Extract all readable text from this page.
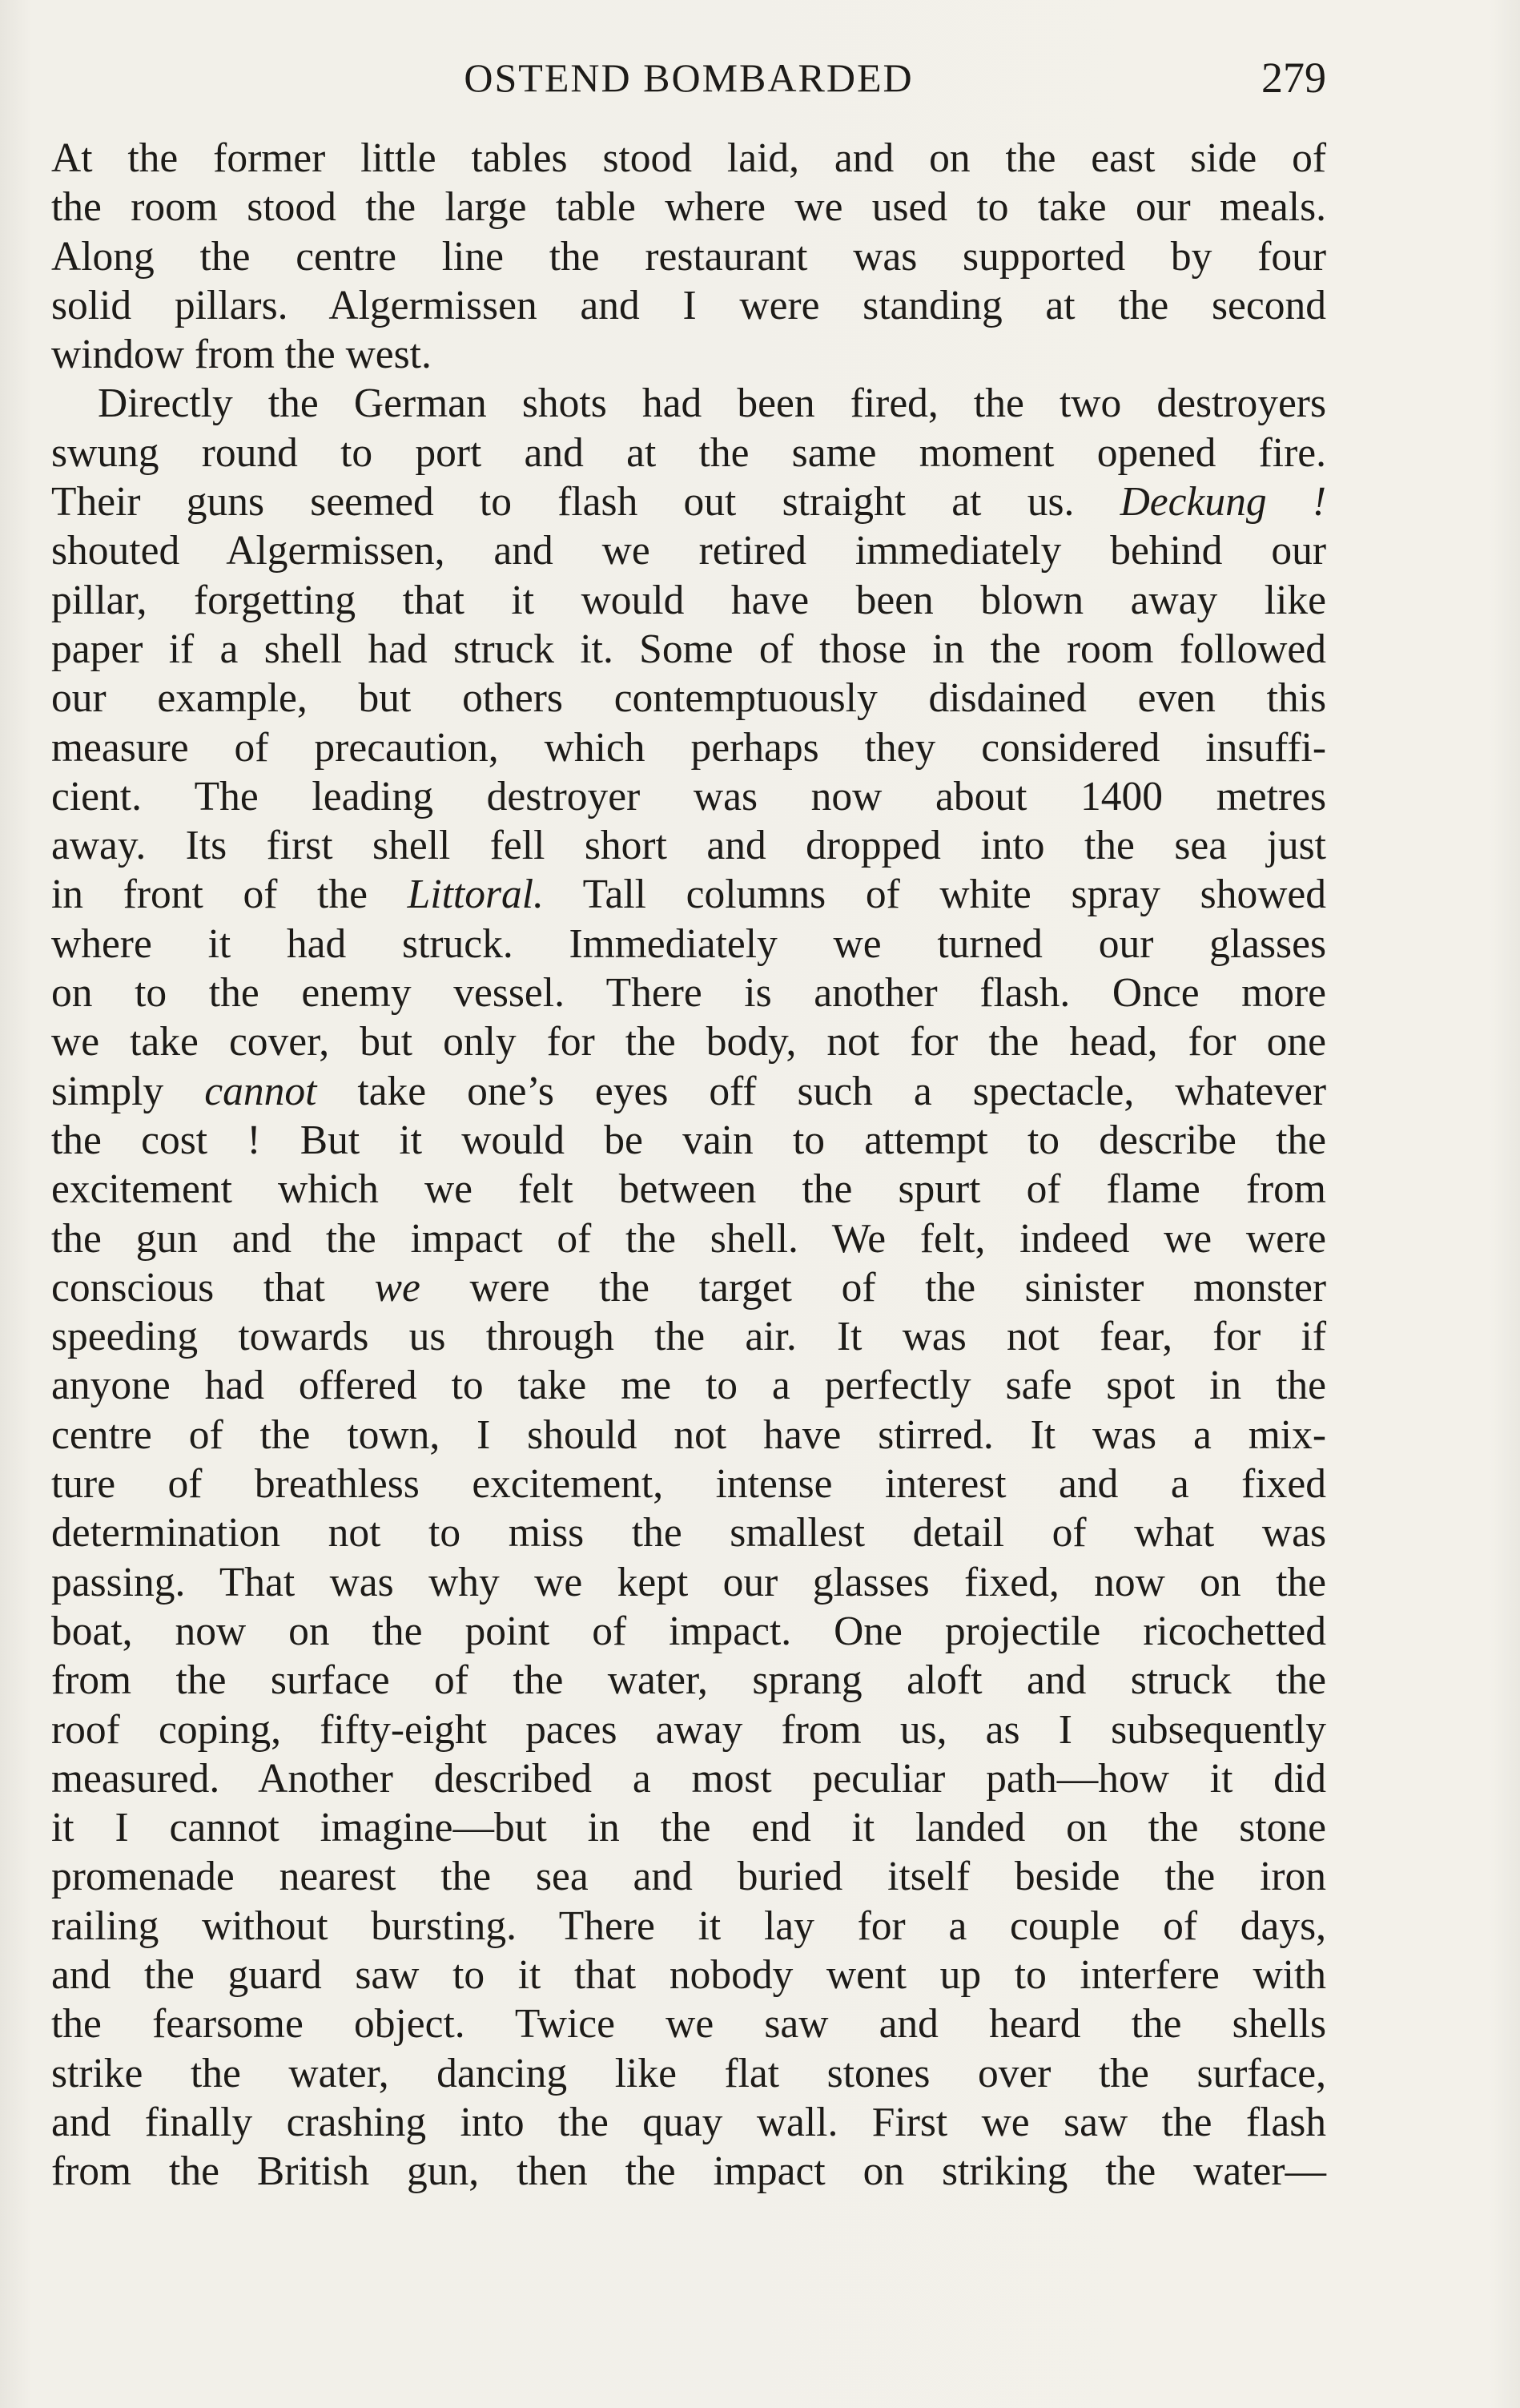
OSTEND BOMBARDED	279
At the former little tables stood laid, and on the east side of
the room stood the large table where we used to take our meals.
Along the centre line the restaurant was supported by four
solid pillars. Algermissen and I were standing at the second
window from the west.
Directly the German shots had been fired, the two destroyers
swung round to port and at the same moment opened fire.
Their guns seemed to flash out straight at us. Deckung !
shouted Algermissen, and we retired immediately behind our
pillar, forgetting that it would have been blown away like
paper if a shell had struck it. Some of those in the room followed
our example, but others contemptuously disdained even this
measure of precaution, which perhaps they considered insuffi-
cient. The leading destroyer was now about 1400 metres
away. Its first shell fell short and dropped into the sea just
in front of the Littoral. Tall columns of white spray showed
where it had struck. Immediately we turned our glasses
on to the enemy vessel. There is another flash. Once more
we take cover, but only for the body, not for the head, for one
simply cannot take one’s eyes off such a spectacle, whatever
the cost ! But it would be vain to attempt to describe the
excitement which we felt between the spurt of flame from
the gun and the impact of the shell. We felt, indeed we were
conscious that we were the target of the sinister monster
speeding towards us through the air. It was not fear, for if
anyone had offered to take me to a perfectly safe spot in the
centre of the town, I should not have stirred. It was a mix-
ture of breathless excitement, intense interest and a fixed
determination not to miss the smallest detail of what was
passing. That was why we kept our glasses fixed, now on the
boat, now on the point of impact. One projectile ricochetted
from the surface of the water, sprang aloft and struck the
roof coping, fifty-eight paces away from us, as I subsequently
measured. Another described a most peculiar path—how it did
it I cannot imagine—but in the end it landed on the stone
promenade nearest the sea and buried itself beside the iron
railing without bursting. There it lay for a couple of days,
and the guard saw to it that nobody went up to interfere with
the fearsome object. Twice we saw and heard the shells
strike the water, dancing like flat stones over the surface,
and finally crashing into the quay wall. First we saw the flash
from the British gun, then the impact on striking the water—
